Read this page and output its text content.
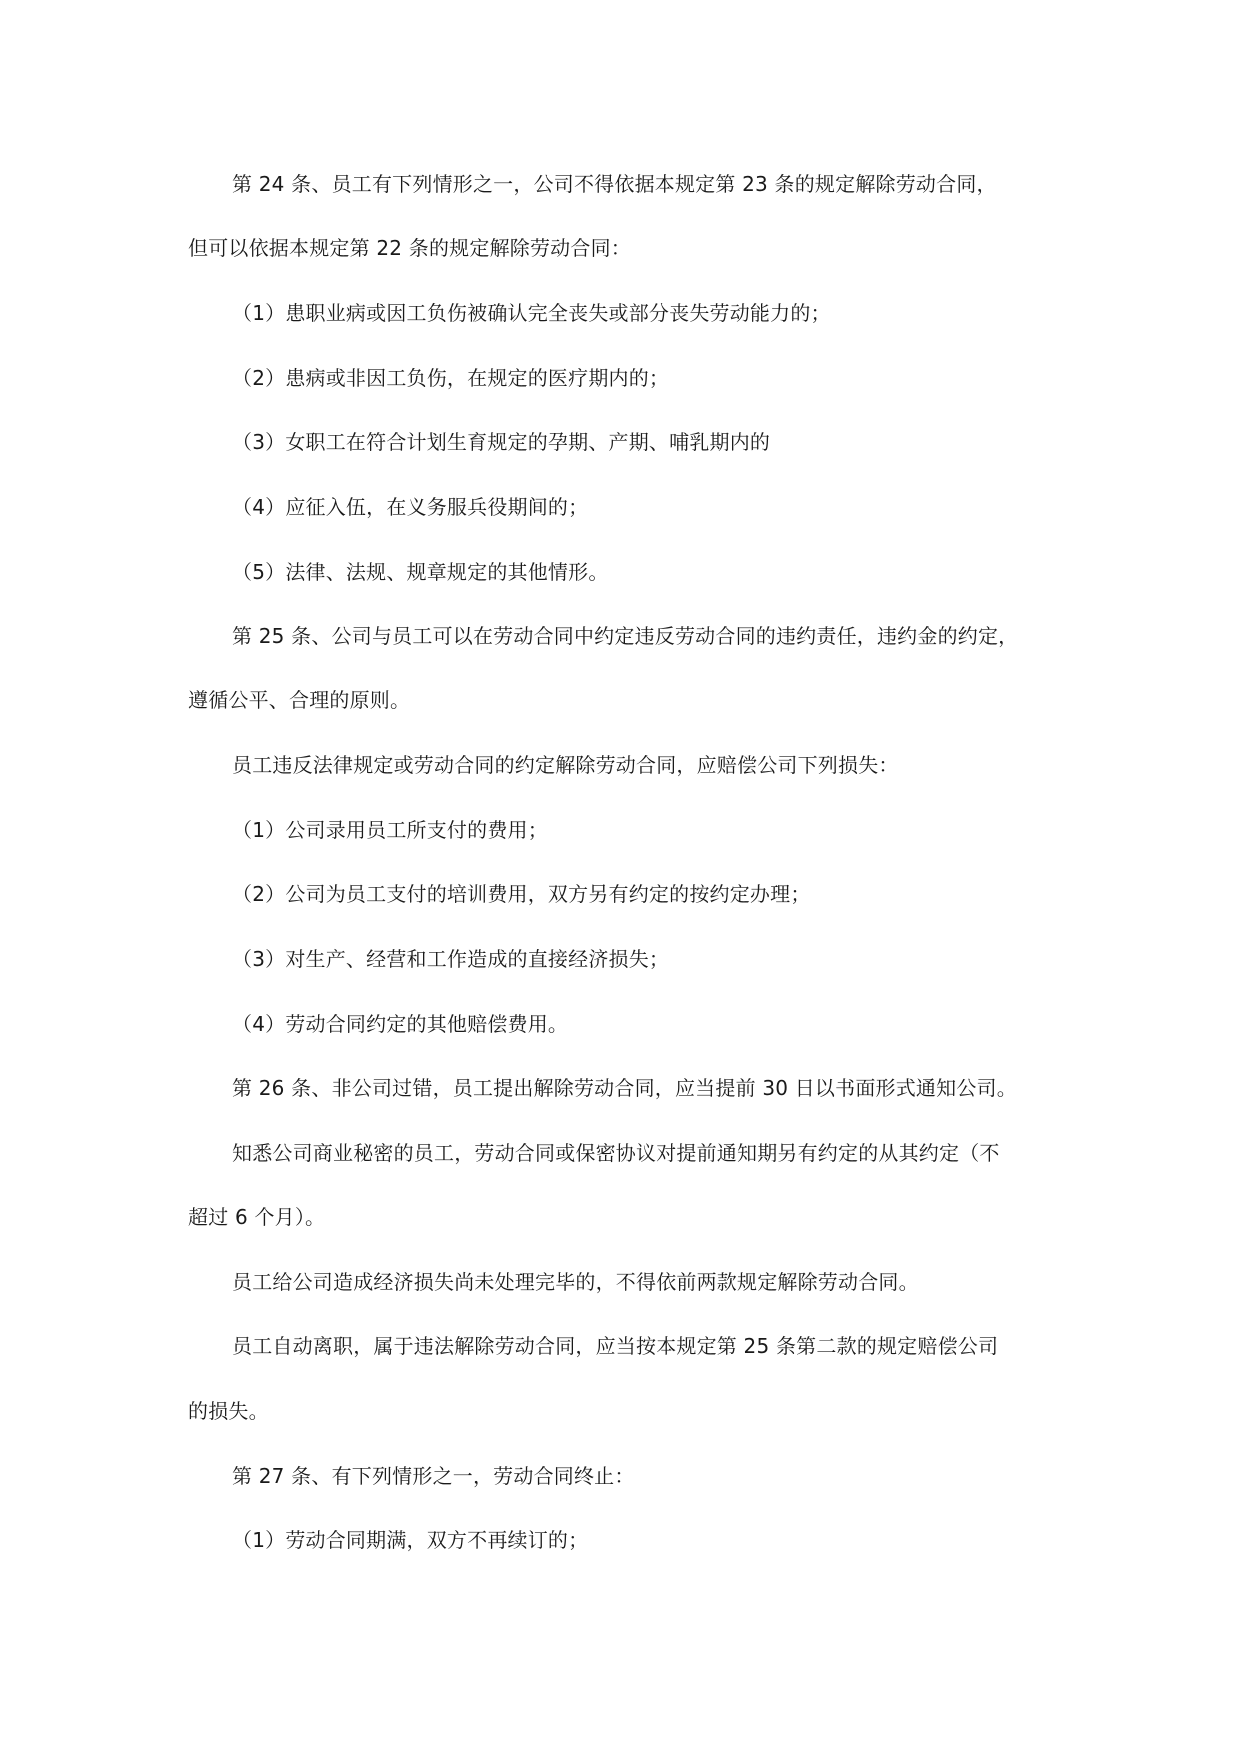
第 24 条、员工有下列情形之一，公司不得依据本规定第 23 条的规定解除劳动合同，
但可以依据本规定第 22 条的规定解除劳动合同：
（1）患职业病或因工负伤被确认完全丧失或部分丧失劳动能力的；
（2）患病或非因工负伤，在规定的医疗期内的；
（3）女职工在符合计划生育规定的孕期、产期、哺乳期内的
（4）应征入伍，在义务服兵役期间的；
（5）法律、法规、规章规定的其他情形。
第 25 条、公司与员工可以在劳动合同中约定违反劳动合同的违约责任，违约金的约定，
遵循公平、合理的原则。
员工违反法律规定或劳动合同的约定解除劳动合同，应赔偿公司下列损失：
（1）公司录用员工所支付的费用；
（2）公司为员工支付的培训费用，双方另有约定的按约定办理；
（3）对生产、经营和工作造成的直接经济损失；
（4）劳动合同约定的其他赔偿费用。
第 26 条、非公司过错，员工提出解除劳动合同，应当提前 30 日以书面形式通知公司。
知悉公司商业秘密的员工，劳动合同或保密协议对提前通知期另有约定的从其约定（不
超过 6 个月）。
员工给公司造成经济损失尚未处理完毕的，不得依前两款规定解除劳动合同。
员工自动离职，属于违法解除劳动合同，应当按本规定第 25 条第二款的规定赔偿公司
的损失。
第 27 条、有下列情形之一，劳动合同终止：
（1）劳动合同期满，双方不再续订的；
